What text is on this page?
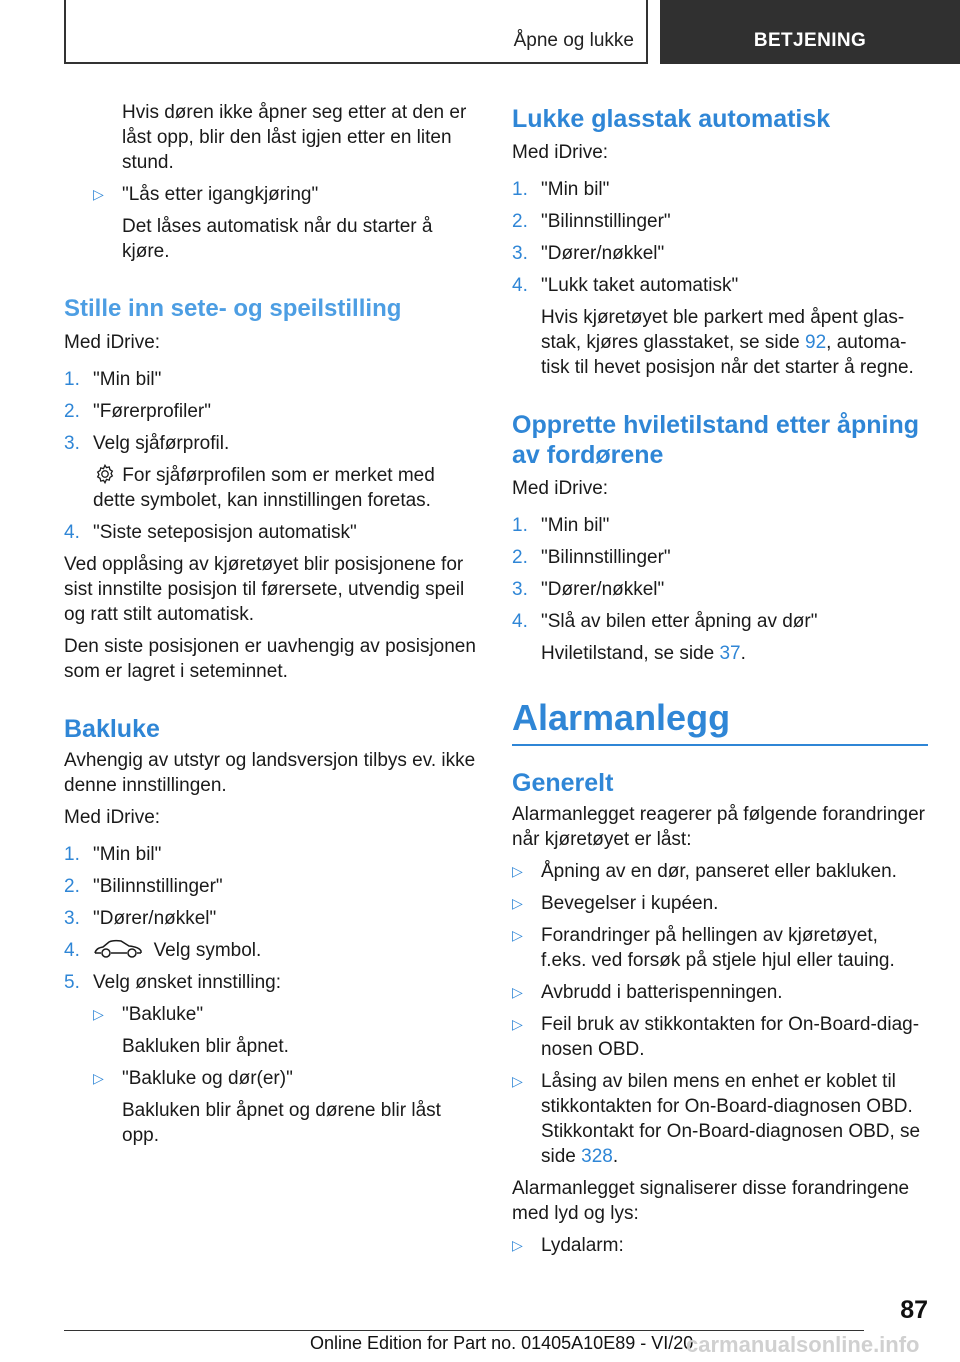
Åpne og lukke	BETJENING

Hvis døren ikke åpner seg etter at den er låst opp, blir den låst igjen etter en liten stund.

▷ "Lås etter igangkjøring"

Det låses automatisk når du starter å kjøre.

Stille inn sete- og speilstilling

Med iDrive:

1. "Min bil"
2. "Førerprofiler"
3. Velg sjåførprofil.

For sjåførprofilen som er merket med dette symbolet, kan innstillingen foretas.

4. "Siste seteposisjon automatisk"

Ved opplåsing av kjøretøyet blir posisjonene for sist innstilte posisjon til førersete, utvendig speil og ratt stilt automatisk.

Den siste posisjonen er uavhengig av posisjonen som er lagret i seteminnet.

Bakluke

Avhengig av utstyr og landsversjon tilbys ev. ikke denne innstillingen.

Med iDrive:

1. "Min bil"
2. "Bilinnstillinger"
3. "Dører/nøkkel"
4.	Velg symbol.
5. Velg ønsket innstilling:
▷ "Bakluke"

Bakluken blir åpnet.

▷ "Bakluke og dør(er)"

Bakluken blir åpnet og dørene blir låst opp.

Lukke glasstak automatisk

Med iDrive:

1. "Min bil"
2. "Bilinnstillinger"
3. "Dører/nøkkel"
4. "Lukk taket automatisk"

Hvis kjøretøyet ble parkert med åpent glasstak, kjøres glasstaket, se side 92, automatisk til hevet posisjon når det starter å regne.

Opprette hviletilstand etter åpning av fordørene

Med iDrive:

1. "Min bil"
2. "Bilinnstillinger"
3. "Dører/nøkkel"
4. "Slå av bilen etter åpning av dør"

Hviletilstand, se side 37.

Alarmanlegg

Generelt

Alarmanlegget reagerer på følgende forandringer når kjøretøyet er låst:

▷ Åpning av en dør, panseret eller bakluken.
▷ Bevegelser i kupéen.
▷ Forandringer på hellingen av kjøretøyet, f.eks. ved forsøk på stjele hjul eller tauing.
▷ Avbrudd i batterispenningen.
▷ Feil bruk av stikkontakten for On-Board-diagnosen OBD.
▷ Låsing av bilen mens en enhet er koblet til stikkontakten for On-Board-diagnosen OBD.

Stikkontakt for On-Board-diagnosen OBD, se side 328.

Alarmanlegget signaliserer disse forandringene med lyd og lys:

▷ Lydalarm:
87
Online Edition for Part no. 01405A10E89 - VI/20
carmanualsonline.info
